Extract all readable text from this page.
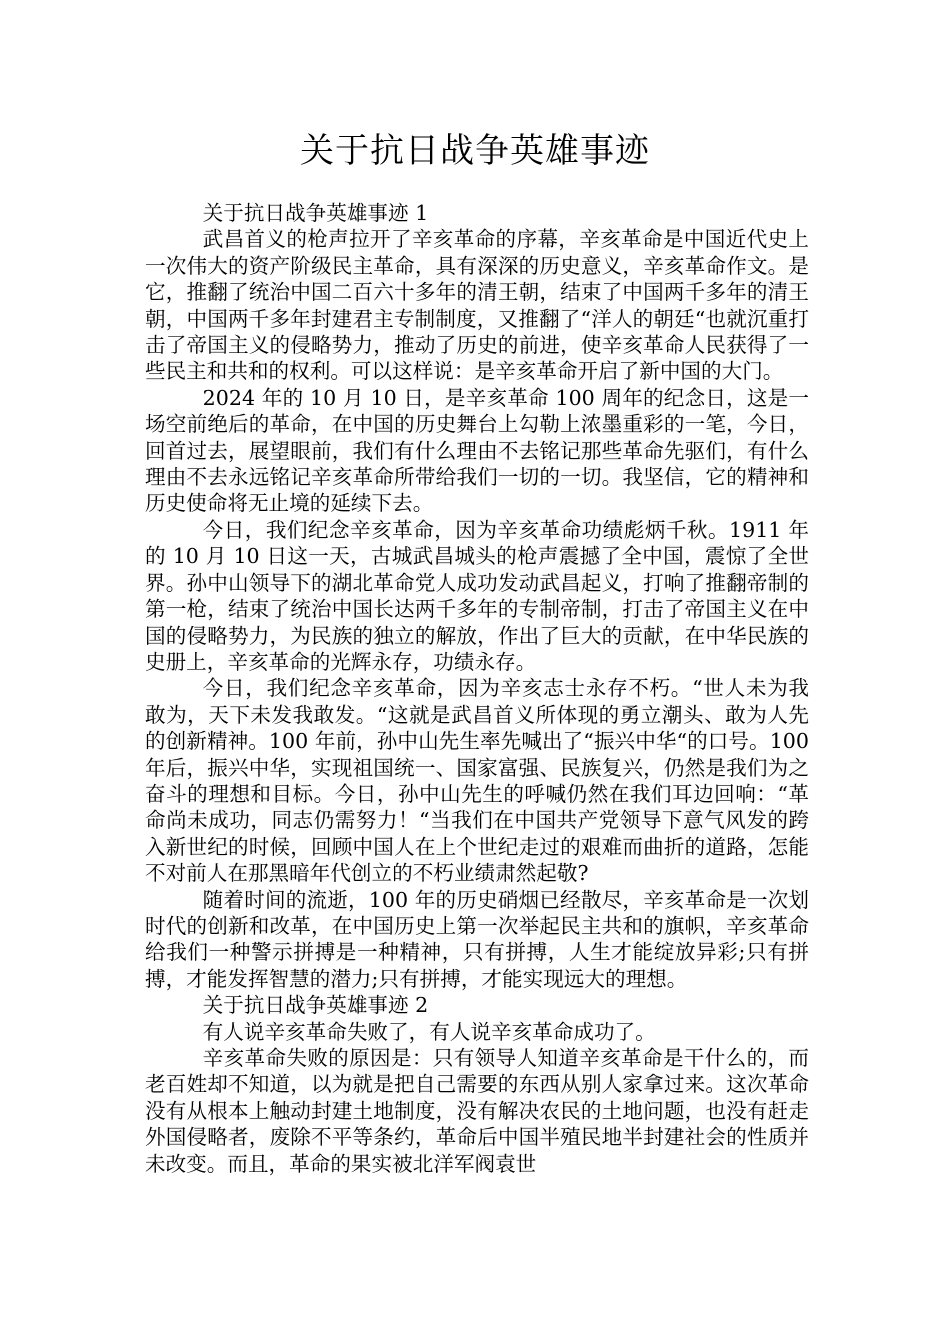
关于抗日战争英雄事迹

关于抗日战争英雄事迹 1

武昌首义的枪声拉开了辛亥革命的序幕，辛亥革命是中国近代史上一次伟大的资产阶级民主革命，具有深深的历史意义，辛亥革命作文。是它，推翻了统治中国二百六十多年的清王朝，结束了中国两千多年的清王朝，中国两千多年封建君主专制制度，又推翻了“洋人的朝廷“也就沉重打击了帝国主义的侵略势力，推动了历史的前进，使辛亥革命人民获得了一些民主和共和的权利。可以这样说：是辛亥革命开启了新中国的大门。

2024 年的 10 月 10 日，是辛亥革命 100 周年的纪念日，这是一场空前绝后的革命，在中国的历史舞台上勾勒上浓墨重彩的一笔，今日，回首过去，展望眼前，我们有什么理由不去铭记那些革命先驱们，有什么理由不去永远铭记辛亥革命所带给我们一切的一切。我坚信，它的精神和历史使命将无止境的延续下去。

今日，我们纪念辛亥革命，因为辛亥革命功绩彪炳千秋。1911 年的 10 月 10 日这一天，古城武昌城头的枪声震撼了全中国，震惊了全世界。孙中山领导下的湖北革命党人成功发动武昌起义，打响了推翻帝制的第一枪，结束了统治中国长达两千多年的专制帝制，打击了帝国主义在中国的侵略势力，为民族的独立的解放，作出了巨大的贡献，在中华民族的史册上，辛亥革命的光辉永存，功绩永存。

今日，我们纪念辛亥革命，因为辛亥志士永存不朽。“世人未为我敢为，天下未发我敢发。“这就是武昌首义所体现的勇立潮头、敢为人先的创新精神。100 年前，孙中山先生率先喊出了“振兴中华“的口号。100 年后，振兴中华，实现祖国统一、国家富强、民族复兴，仍然是我们为之奋斗的理想和目标。今日，孙中山先生的呼喊仍然在我们耳边回响：“革命尚未成功，同志仍需努力！“当我们在中国共产党领导下意气风发的跨入新世纪的时候，回顾中国人在上个世纪走过的艰难而曲折的道路，怎能不对前人在那黑暗年代创立的不朽业绩肃然起敬?

随着时间的流逝，100 年的历史硝烟已经散尽，辛亥革命是一次划时代的创新和改革，在中国历史上第一次举起民主共和的旗帜，辛亥革命给我们一种警示拼搏是一种精神，只有拼搏，人生才能绽放异彩;只有拼搏，才能发挥智慧的潜力;只有拼搏，才能实现远大的理想。

关于抗日战争英雄事迹 2

有人说辛亥革命失败了，有人说辛亥革命成功了。

辛亥革命失败的原因是：只有领导人知道辛亥革命是干什么的，而老百姓却不知道，以为就是把自己需要的东西从别人家拿过来。这次革命没有从根本上触动封建土地制度，没有解决农民的土地问题，也没有赶走外国侵略者，废除不平等条约，革命后中国半殖民地半封建社会的性质并未改变。而且，革命的果实被北洋军阀袁世
